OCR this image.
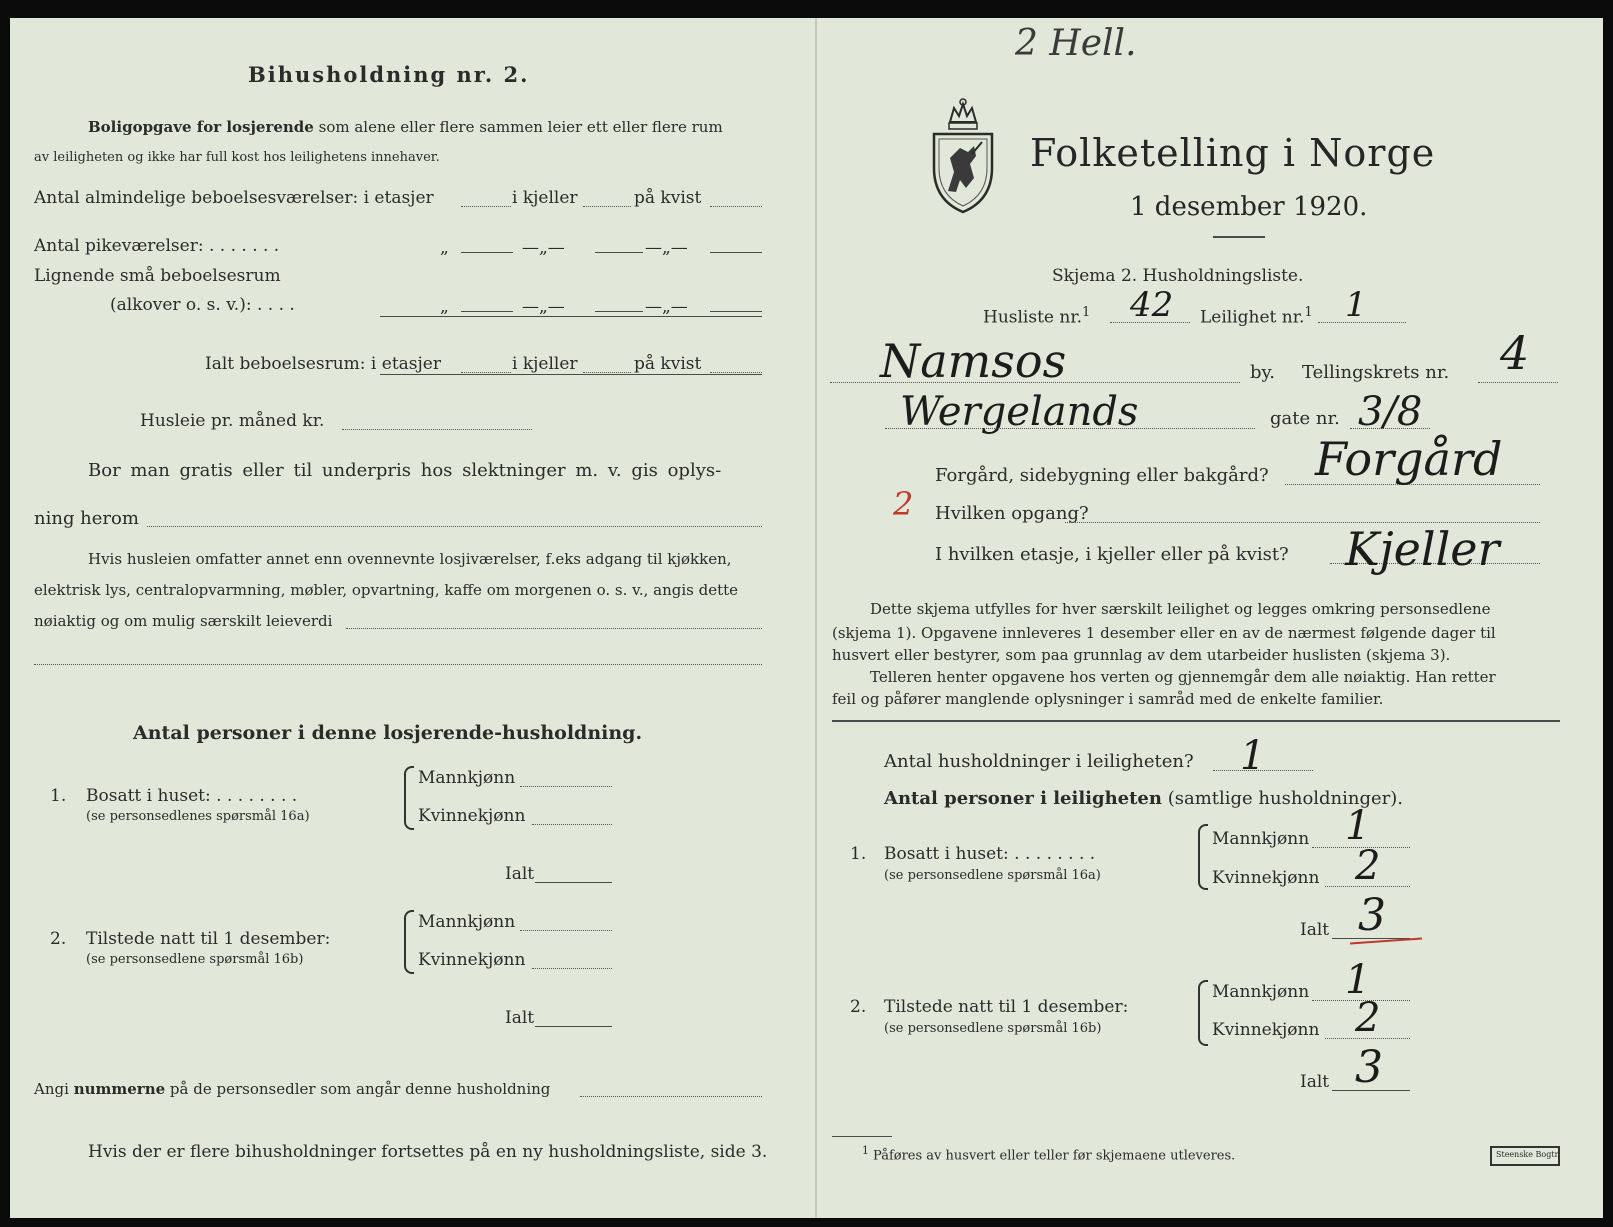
Bihusholdning nr. 2.
Boligopgave for losjerende som alene eller flere sammen leier ett eller flere rum
av leiligheten og ikke har full kost hos leilighetens innehaver.
Antal almindelige beboelsesværelser: i etasjer	i kjeller	på kvist
Antal pikeværelser: . . . . . . .	„	—„—	—„—
Lignende små beboelsesrum
(alkover o. s. v.): . . . .	„	—„—	—„—
Ialt beboelsesrum: i etasjer	i kjeller	på kvist
Husleie pr. måned kr.
Bor man gratis eller til underpris hos slektninger m. v. gis oplys-
ning herom
Hvis husleien omfatter annet enn ovennevnte losjiværelser, f.eks adgang til kjøkken,
elektrisk lys, centralopvarmning, møbler, opvartning, kaffe om morgenen o. s. v., angis dette
nøiaktig og om mulig særskilt leieverdi
Antal personer i denne losjerende-husholdning.
1. Bosatt i huset: . . . . . . . .
(se personsedlenes spørsmål 16a)
Mannkjønn
Kvinnekjønn
Ialt
2. Tilstede natt til 1 desember:
(se personsedlene spørsmål 16b)
Mannkjønn
Kvinnekjønn
Ialt
Angi nummerne på de personsedler som angår denne husholdning
Hvis der er flere bihusholdninger fortsettes på en ny husholdningsliste, side 3.
2 Hell.
Folketelling i Norge
1 desember 1920.
Skjema 2. Husholdningsliste.
Husliste nr.$^1$ 42 Leilighet nr.$^1$ 1
Namsos	by. Tellingskrets nr. 4
Wergelands	gate nr. 3/8
Forgård, sidebygning eller bakgård? Forgård
2 Hvilken opgang?
I hvilken etasje, i kjeller eller på kvist? Kjeller
Dette skjema utfylles for hver særskilt leilighet og legges omkring personsedlene
(skjema 1). Opgavene innleveres 1 desember eller en av de nærmest følgende dager til
husvert eller bestyrer, som paa grunnlag av dem utarbeider huslisten (skjema 3).
Telleren henter opgavene hos verten og gjennemgår dem alle nøiaktig. Han retter
feil og påfører manglende oplysninger i samråd med de enkelte familier.
Antal husholdninger i leiligheten? 1
Antal personer i leiligheten (samtlige husholdninger).
1. Bosatt i huset: . . . . . . . .
(se personsedlene spørsmål 16a)
Mannkjønn 1
Kvinnekjønn 2
Ialt 3
2. Tilstede natt til 1 desember:
(se personsedlene spørsmål 16b)
Mannkjønn 1
Kvinnekjønn 2
Ialt 3
$^1$ Påføres av husvert eller teller før skjemaene utleveres.	Steenske Bogtr.
